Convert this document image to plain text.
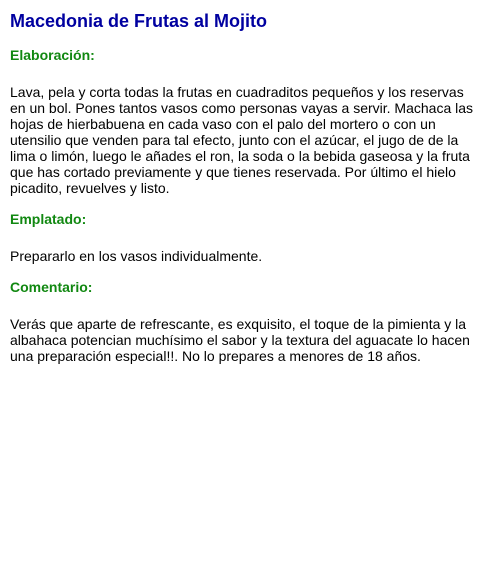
Macedonia de Frutas al Mojito
Elaboración:

Lava, pela y corta todas la frutas en cuadraditos pequeños y los reservas en un bol. Pones tantos vasos como personas vayas a servir. Machaca las hojas de hierbabuena en cada vaso con el palo del mortero o con un utensilio que venden para tal efecto, junto con el azúcar, el jugo de de la lima o limón, luego le añades el ron, la soda o la bebida gaseosa y la fruta que has cortado previamente y que tienes reservada. Por último el hielo picadito, revuelves y listo.

Emplatado:

Prepararlo en los vasos individualmente.

Comentario:

Verás que aparte de refrescante, es exquisito, el toque de la pimienta y la albahaca potencian muchísimo el sabor y la textura del aguacate lo hacen una preparación especial!!. No lo prepares a menores de 18 años.
